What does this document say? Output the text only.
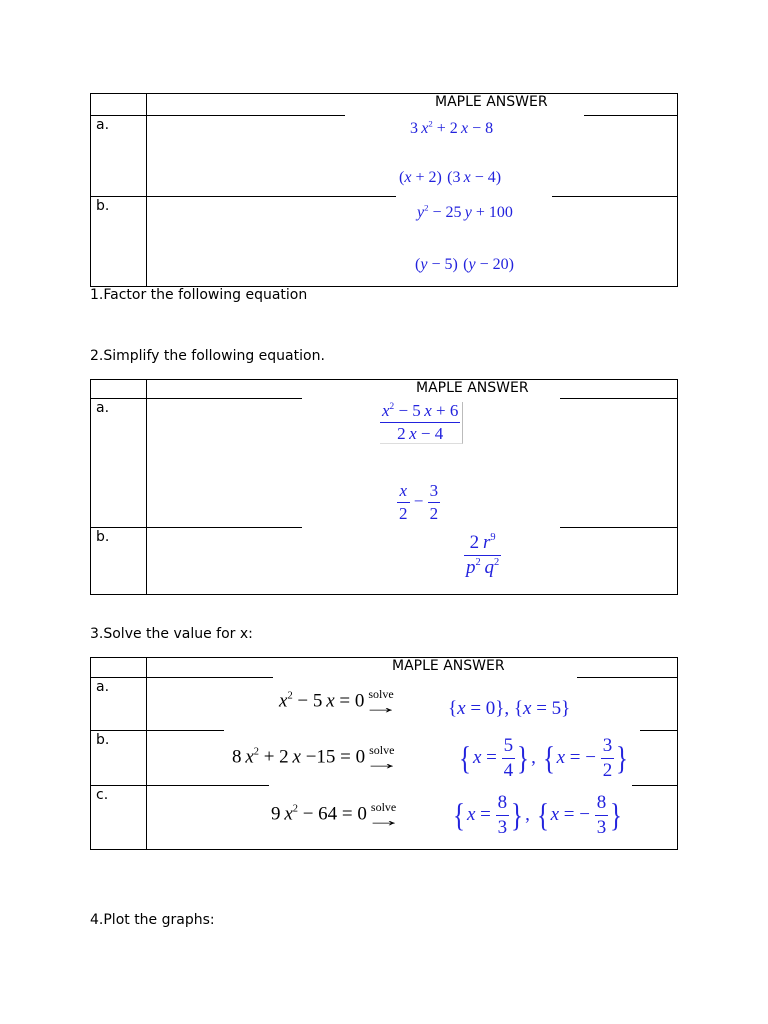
MAPLE ANSWER
a.
b.
3 $x^2 + 2$ x − 8
(x + 2)  (3 x − 4)
$y^2 - 25$ y + 100
(y − 5)  (y − 20)
1.Factor the following equation
2.Simplify the following equation.
MAPLE ANSWER
a.
b.
$\frac{x^2 - 5 x + 6}{2 x - 4}$
$\frac{x}{2} - \frac{3}{2}$
$\frac{2 r^9}{p^2 q^2}$
3.Solve the value for x:
MAPLE ANSWER
a.
b.
c.
$x^2 - 5$ x = 0 solve
→	{x = 0}, {x = 5}
8 $x^2 + 2$ x −15 = 0 solve
→ { $x = \frac{5}{4}$ } , { x = − $\frac{3}{2}$ }
9 $x^2 - 64 = 0$ solve
→ { $x = \frac{8}{3}$ } , { x = − $\frac{8}{3}$ }
4.Plot the graphs:
